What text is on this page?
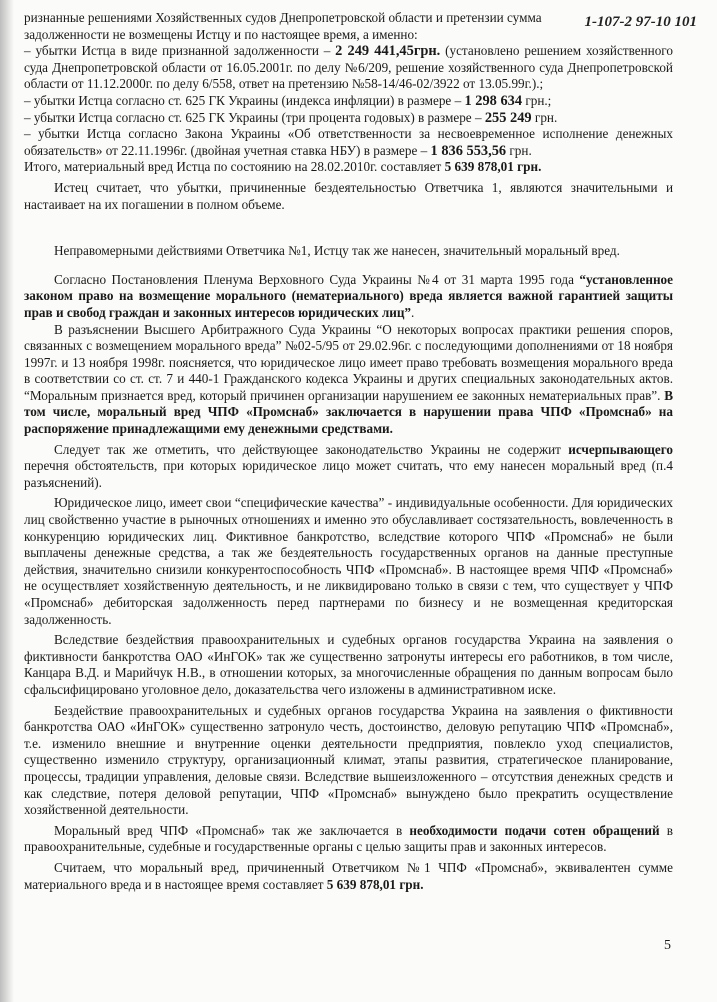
1-107-2 97-10 101

ризнанные решениями Хозяйственных судов Днепропетровской области и претензии сумма

задолженности не возмещены Истцу и по настоящее время, а именно:

– убытки Истца в виде признанной задолженности – 2 249 441,45грн. (установлено решением хозяйственного суда Днепропетровской области от 16.05.2001г. по делу №6/209, решение хозяйственного суда Днепропетровской области от 11.12.2000г. по делу 6/558, ответ на претензию №58-14/46-02/3922 от 13.05.99г.).;
– убытки Истца согласно ст. 625 ГК Украины (индекса инфляции) в размере – 1 298 634 грн.;
– убытки Истца согласно ст. 625 ГК Украины (три процента годовых) в размере – 255 249 грн.
– убытки Истца согласно Закона Украины «Об ответственности за несвоевременное исполнение денежных обязательств» от 22.11.1996г. (двойная учетная ставка НБУ) в размере – 1 836 553,56 грн.

Итого, материальный вред Истца по состоянию на 28.02.2010г. составляет 5 639 878,01 грн.

Истец считает, что убытки, причиненные бездеятельностью Ответчика 1, являются значительными и настаивает на их погашении в полном объеме.

Неправомерными действиями Ответчика №1, Истцу так же нанесен, значительный моральный вред.

Согласно Постановления Пленума Верховного Суда Украины №4 от 31 марта 1995 года “установленное законом право на возмещение морального (нематериального) вреда является важной гарантией защиты прав и свобод граждан и законных интересов юридических лиц”.

В разъяснении Высшего Арбитражного Суда Украины “О некоторых вопросах практики решения споров, связанных с возмещением морального вреда” №02-5/95 от 29.02.96г. с последующими дополнениями от 18 ноября 1997г. и 13 ноября 1998г. поясняется, что юридическое лицо имеет право требовать возмещения морального вреда в соответствии со ст. ст. 7 и 440-1 Гражданского кодекса Украины и других специальных законодательных актов. “Моральным признается вред, который причинен организации нарушением ее законных нематериальных прав”. В том числе, моральный вред ЧПФ «Промснаб» заключается в нарушении права ЧПФ «Промснаб» на распоряжение принадлежащими ему денежными средствами.

Следует так же отметить, что действующее законодательство Украины не содержит исчерпывающего перечня обстоятельств, при которых юридическое лицо может считать, что ему нанесен моральный вред (п.4 разъяснений).

Юридическое лицо, имеет свои “специфические качества” - индивидуальные особенности. Для юридических лиц свойственно участие в рыночных отношениях и именно это обуславливает состязательность, вовлеченность в конкуренцию юридических лиц. Фиктивное банкротство, вследствие которого ЧПФ «Промснаб» не были выплачены денежные средства, а так же бездеятельность государственных органов на данные преступные действия, значительно снизили конкурентоспособность ЧПФ «Промснаб». В настоящее время ЧПФ «Промснаб» не осуществляет хозяйственную деятельность, и не ликвидировано только в связи с тем, что существует у ЧПФ «Промснаб» дебиторская задолженность перед партнерами по бизнесу и не возмещенная кредиторская задолженность.

Вследствие бездействия правоохранительных и судебных органов государства Украина на заявления о фиктивности банкротства ОАО «ИнГОК» так же существенно затронуты интересы его работников, в том числе, Канцара В.Д. и Марийчук Н.В., в отношении которых, за многочисленные обращения по данным вопросам было сфальсифицировано уголовное дело, доказательства чего изложены в административном иске.

Бездействие правоохранительных и судебных органов государства Украина на заявления о фиктивности банкротства ОАО «ИнГОК» существенно затронуло честь, достоинство, деловую репутацию ЧПФ «Промснаб», т.е. изменило внешние и внутренние оценки деятельности предприятия, повлекло уход специалистов, существенно изменило структуру, организационный климат, этапы развития, стратегическое планирование, процессы, традиции управления, деловые связи. Вследствие вышеизложенного – отсутствия денежных средств и как следствие, потеря деловой репутации, ЧПФ «Промснаб» вынуждено было прекратить осуществление хозяйственной деятельности.

Моральный вред ЧПФ «Промснаб» так же заключается в необходимости подачи сотен обращений в правоохранительные, судебные и государственные органы с целью защиты прав и законных интересов.

Считаем, что моральный вред, причиненный Ответчиком №1 ЧПФ «Промснаб», эквивалентен сумме материального вреда и в настоящее время составляет 5 639 878,01 грн.

5
